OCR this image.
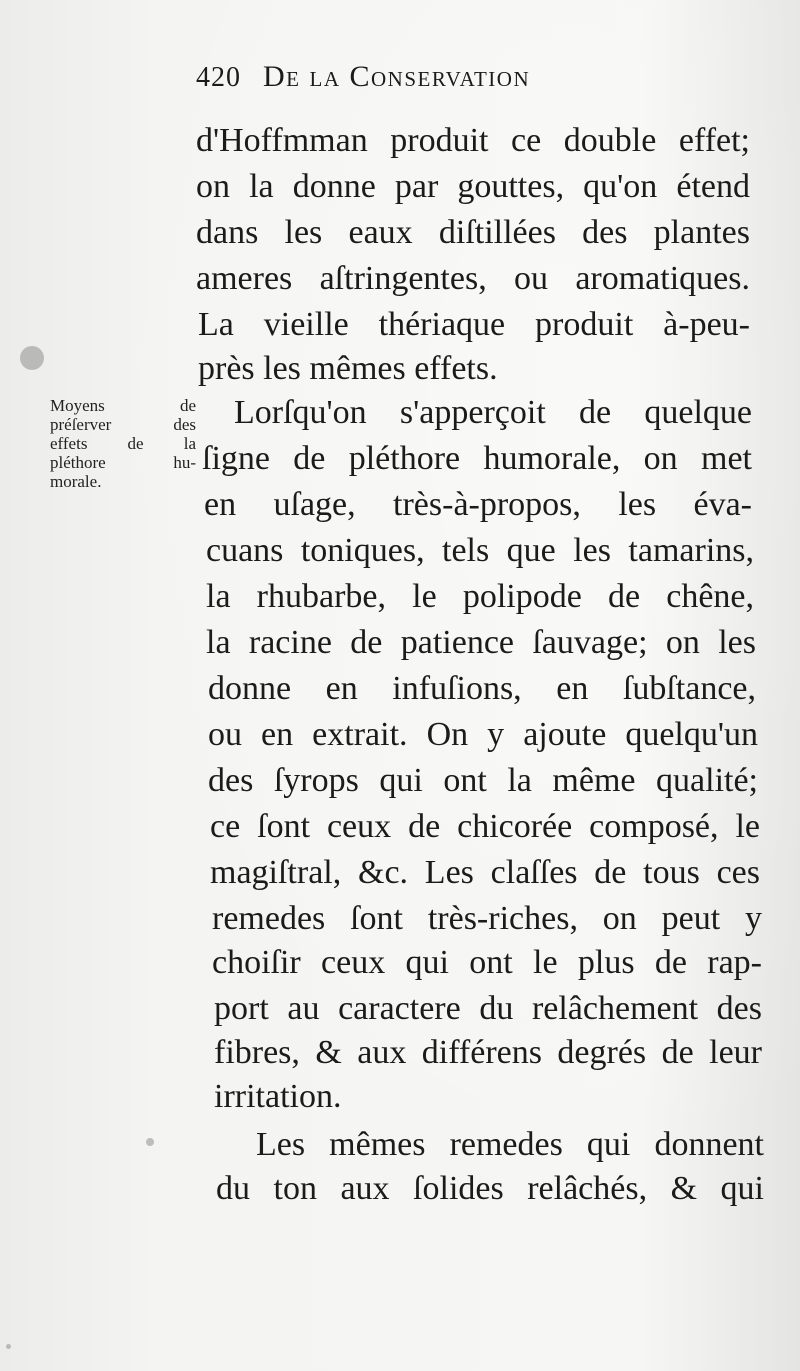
420 De la Conservation
Moyens de
préſerver des
effets de la
pléthore hu-
morale.
d'Hoffmman produit ce double effet;
on la donne par gouttes, qu'on étend
dans les eaux diſtillées des plantes
ameres aſtringentes, ou aromatiques.
La vieille thériaque produit à-peu-
près les mêmes effets.
Lorſqu'on s'apperçoit de quelque
ſigne de pléthore humorale, on met
en uſage, très-à-propos, les éva-
cuans toniques, tels que les tamarins,
la rhubarbe, le polipode de chêne,
la racine de patience ſauvage; on les
donne en infuſions, en ſubſtance,
ou en extrait. On y ajoute quelqu'un
des ſyrops qui ont la même qualité;
ce ſont ceux de chicorée composé, le
magiſtral, &c. Les claſſes de tous ces
remedes ſont très-riches, on peut y
choiſir ceux qui ont le plus de rap-
port au caractere du relâchement des
fibres, & aux différens degrés de leur
irritation.
Les mêmes remedes qui donnent
du ton aux ſolides relâchés, & qui
